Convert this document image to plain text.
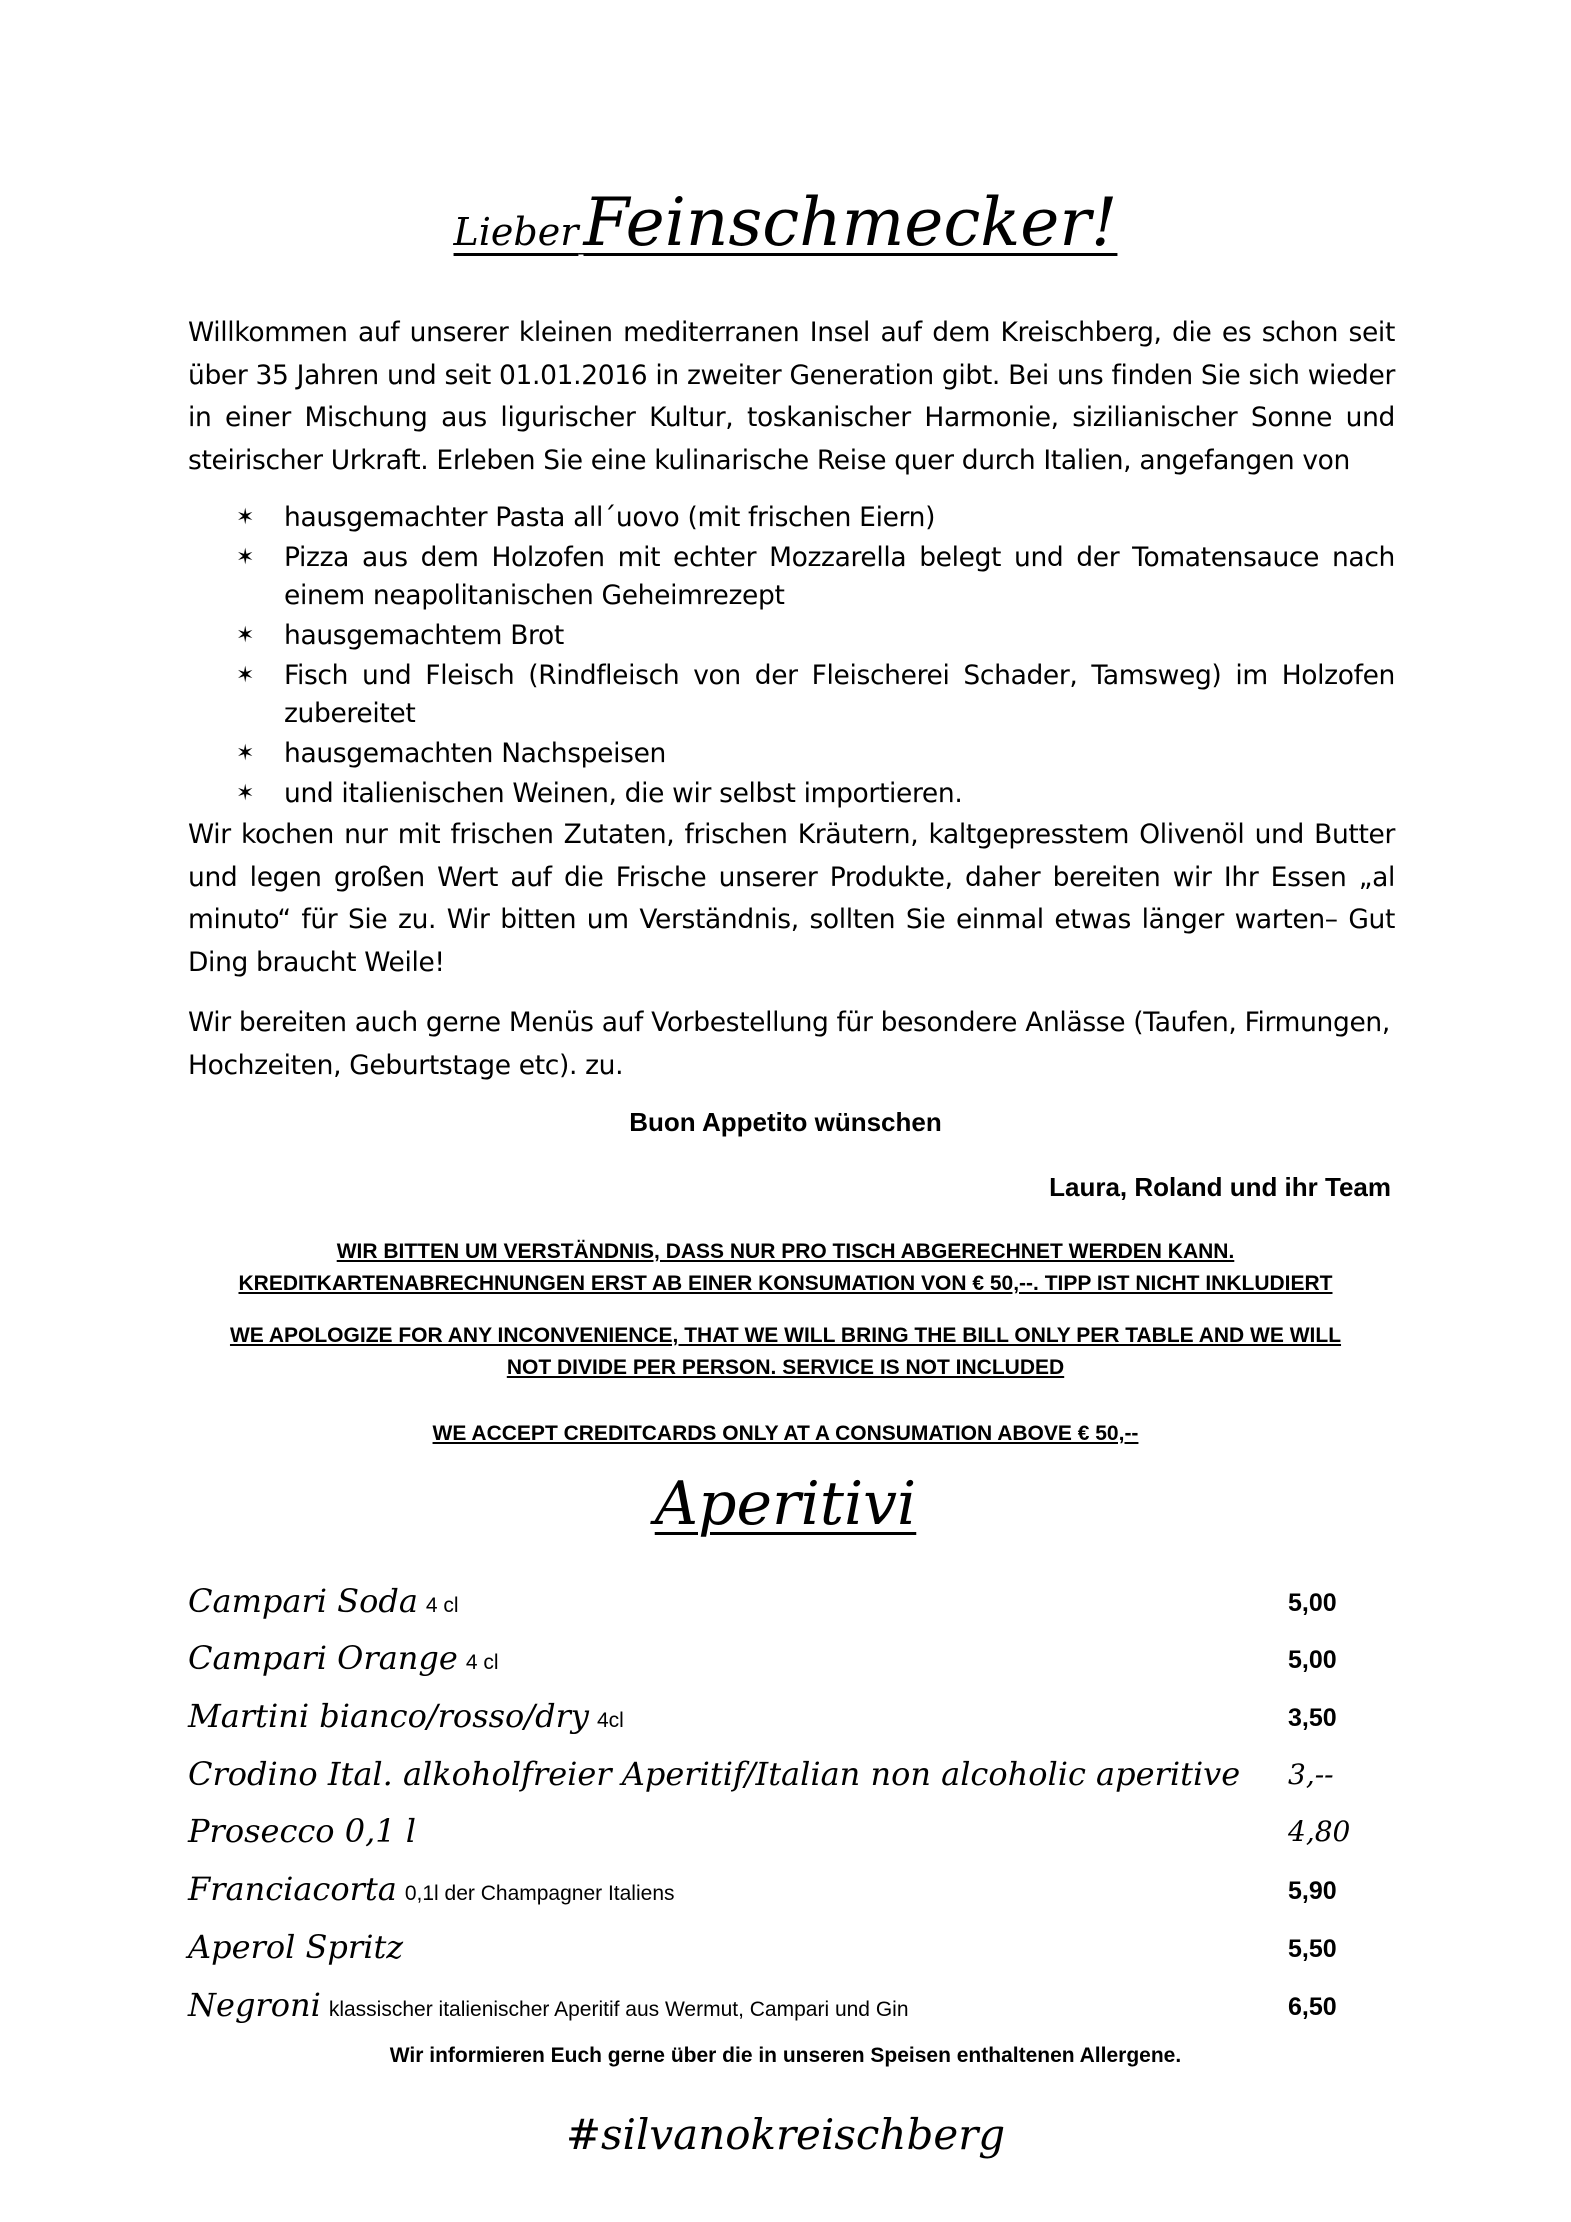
Lieber Feinschmecker!
Willkommen auf unserer kleinen mediterranen Insel auf dem Kreischberg, die es schon seit über 35 Jahren und seit 01.01.2016 in zweiter Generation gibt. Bei uns finden Sie sich wieder in einer Mischung aus ligurischer Kultur, toskanischer Harmonie, sizilianischer Sonne und steirischer Urkraft. Erleben Sie eine kulinarische Reise quer durch Italien, angefangen von
✶ hausgemachter Pasta all´uovo (mit frischen Eiern)
✶ Pizza aus dem Holzofen mit echter Mozzarella belegt und der Tomatensauce nach einem neapolitanischen Geheimrezept
✶ hausgemachtem Brot
✶ Fisch und Fleisch (Rindfleisch von der Fleischerei Schader, Tamsweg) im Holzofen zubereitet
✶ hausgemachten Nachspeisen
✶ und italienischen Weinen, die wir selbst importieren.
Wir kochen nur mit frischen Zutaten, frischen Kräutern, kaltgepresstem Olivenöl und Butter und legen großen Wert auf die Frische unserer Produkte, daher bereiten wir Ihr Essen „al minuto“ für Sie zu. Wir bitten um Verständnis, sollten Sie einmal etwas länger warten– Gut Ding braucht Weile!
Wir bereiten auch gerne Menüs auf Vorbestellung für besondere Anlässe (Taufen, Firmungen, Hochzeiten, Geburtstage etc). zu.
Buon Appetito wünschen
Laura, Roland und ihr Team
WIR BITTEN UM VERSTÄNDNIS, DASS NUR PRO TISCH ABGERECHNET WERDEN KANN.
KREDITKARTENABRECHNUNGEN ERST AB EINER KONSUMATION VON € 50,--. TIPP IST NICHT INKLUDIERT
WE APOLOGIZE FOR ANY INCONVENIENCE, THAT WE WILL BRING THE BILL ONLY PER TABLE AND WE WILL
NOT DIVIDE PER PERSON. SERVICE IS NOT INCLUDED
WE ACCEPT CREDITCARDS ONLY AT A CONSUMATION ABOVE € 50,--
Aperitivi
Campari Soda 4 cl	5,00
Campari Orange 4 cl	5,00
Martini bianco/rosso/dry 4cl	3,50
Crodino Ital. alkoholfreier Aperitif/Italian non alcoholic aperitive 3,--
Prosecco 0,1 l	4,80
Franciacorta 0,1l der Champagner Italiens	5,90
Aperol Spritz	5,50
Negroni klassischer italienischer Aperitif aus Wermut, Campari und Gin	6,50
Wir informieren Euch gerne über die in unseren Speisen enthaltenen Allergene.
#silvanokreischberg
